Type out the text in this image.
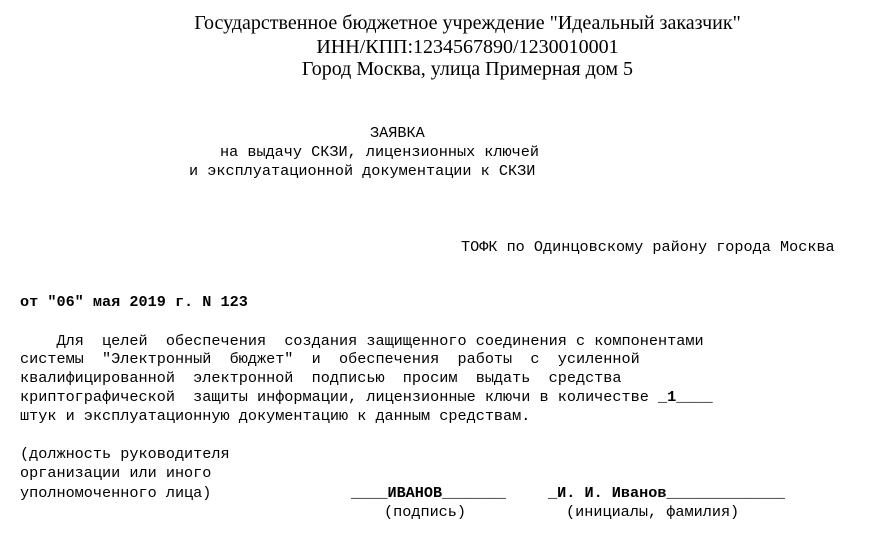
Государственное бюджетное учреждение "Идеальный заказчик"
ИНН/КПП:1234567890/1230010001
Город Москва, улица Примерная дом 5
ЗАЯВКА
на выдачу СКЗИ, лицензионных ключей
и эксплуатационной документации к СКЗИ
ТОФК по Одинцовскому району города Москва
от "06" мая 2019 г. N 123
Для  целей  обеспечения  создания защищенного соединения с компонентами
системы  "Электронный  бюджет"  и  обеспечения  работы  с  усиленной
квалифицированной  электронной  подписью  просим  выдать  средства
криптографической  защиты информации, лицензионные ключи в количестве _1____
штук и эксплуатационную документацию к данным средствам.
(должность руководителя
организации или иного
уполномоченного лица)	____ИВАНОВ_______
(подпись)
_И. И. Иванов_____________
(инициалы, фамилия)
